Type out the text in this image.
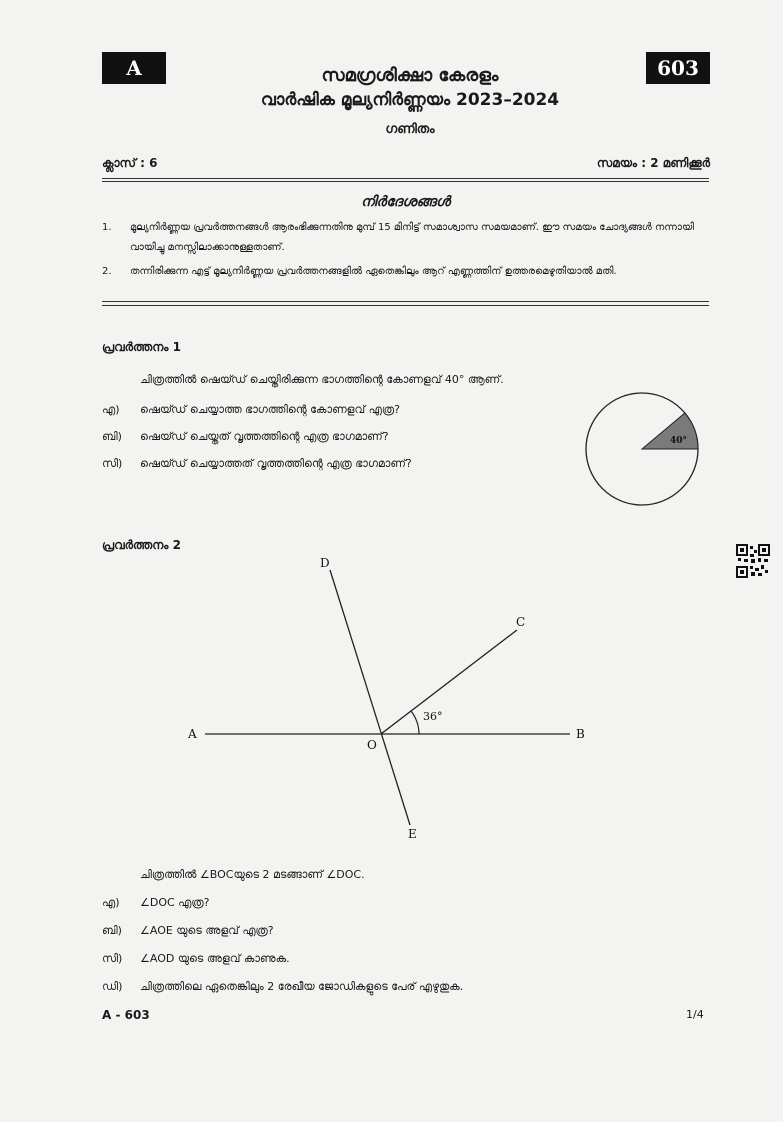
A	603
സമഗ്രശിക്ഷാ കേരളം
വാർഷിക മൂല്യനിർണ്ണയം 2023–2024
ഗണിതം
ക്ലാസ് : 6	സമയം : 2 മണിക്കൂർ
നിർദേശങ്ങൾ
1. മൂല്യനിർണ്ണയ പ്രവർത്തനങ്ങൾ ആരംഭിക്കുന്നതിനു മുമ്പ് 15 മിനിട്ട് സമാശ്വാസ സമയമാണ്. ഈ സമയം ചോദ്യങ്ങൾ നന്നായി വായിച്ചു മനസ്സിലാക്കാനുള്ളതാണ്.
2. തന്നിരിക്കുന്ന എട്ട് മൂല്യനിർണ്ണയ പ്രവർത്തനങ്ങളിൽ ഏതെങ്കിലും ആറ് എണ്ണത്തിന് ഉത്തരമെഴുതിയാൽ മതി.
പ്രവർത്തനം 1
ചിത്രത്തിൽ ഷെയ്ഡ് ചെയ്തിരിക്കുന്ന ഭാഗത്തിന്റെ കോണളവ് 40° ആണ്.
എ) ഷെയ്ഡ് ചെയ്യാത്ത ഭാഗത്തിന്റെ കോണളവ് എത്ര?
ബി) ഷെയ്ഡ് ചെയ്തത് വൃത്തത്തിന്റെ എത്ര ഭാഗമാണ്?
സി) ഷെയ്ഡ് ചെയ്യാത്തത് വൃത്തത്തിന്റെ എത്ര ഭാഗമാണ്?
40°
പ്രവർത്തനം 2
36°
A	B
C
D
E
O
ചിത്രത്തിൽ ∠BOCയുടെ 2 മടങ്ങാണ് ∠DOC.
എ) ∠DOC എത്ര?
ബി) ∠AOE യുടെ അളവ് എത്ര?
സി) ∠AOD യുടെ അളവ് കാണുക.
ഡി) ചിത്രത്തിലെ ഏതെങ്കിലും 2 രേഖീയ ജോഡികളുടെ പേര് എഴുതുക.
A - 603	1/4
